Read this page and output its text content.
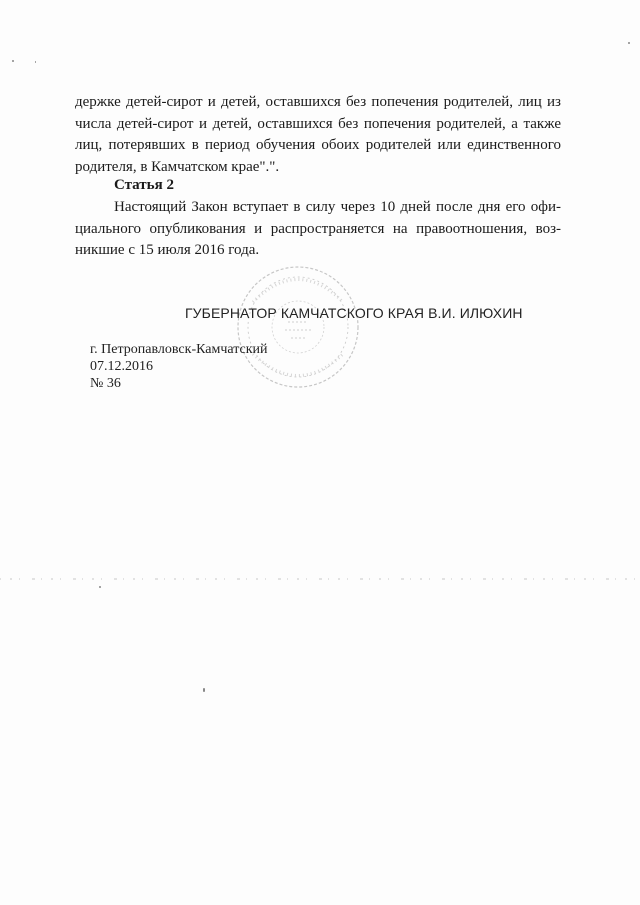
держке детей-сирот и детей, оставшихся без попечения родителей, лиц из
числа детей-сирот и детей, оставшихся без попечения родителей, а также
лиц, потерявших в период обучения обоих родителей или единственного
родителя, в Камчатском крае".".
Статья 2
Настоящий Закон вступает в силу через 10 дней после дня его офи-
циального опубликования и распространяется на правоотношения, воз-
никшие с 15 июля 2016 года.
ГУБЕРНАТОР КАМЧАТСКОГО КРАЯ В.И. ИЛЮХИН
г. Петропавловск-Камчатский
07.12.2016
№ 36
